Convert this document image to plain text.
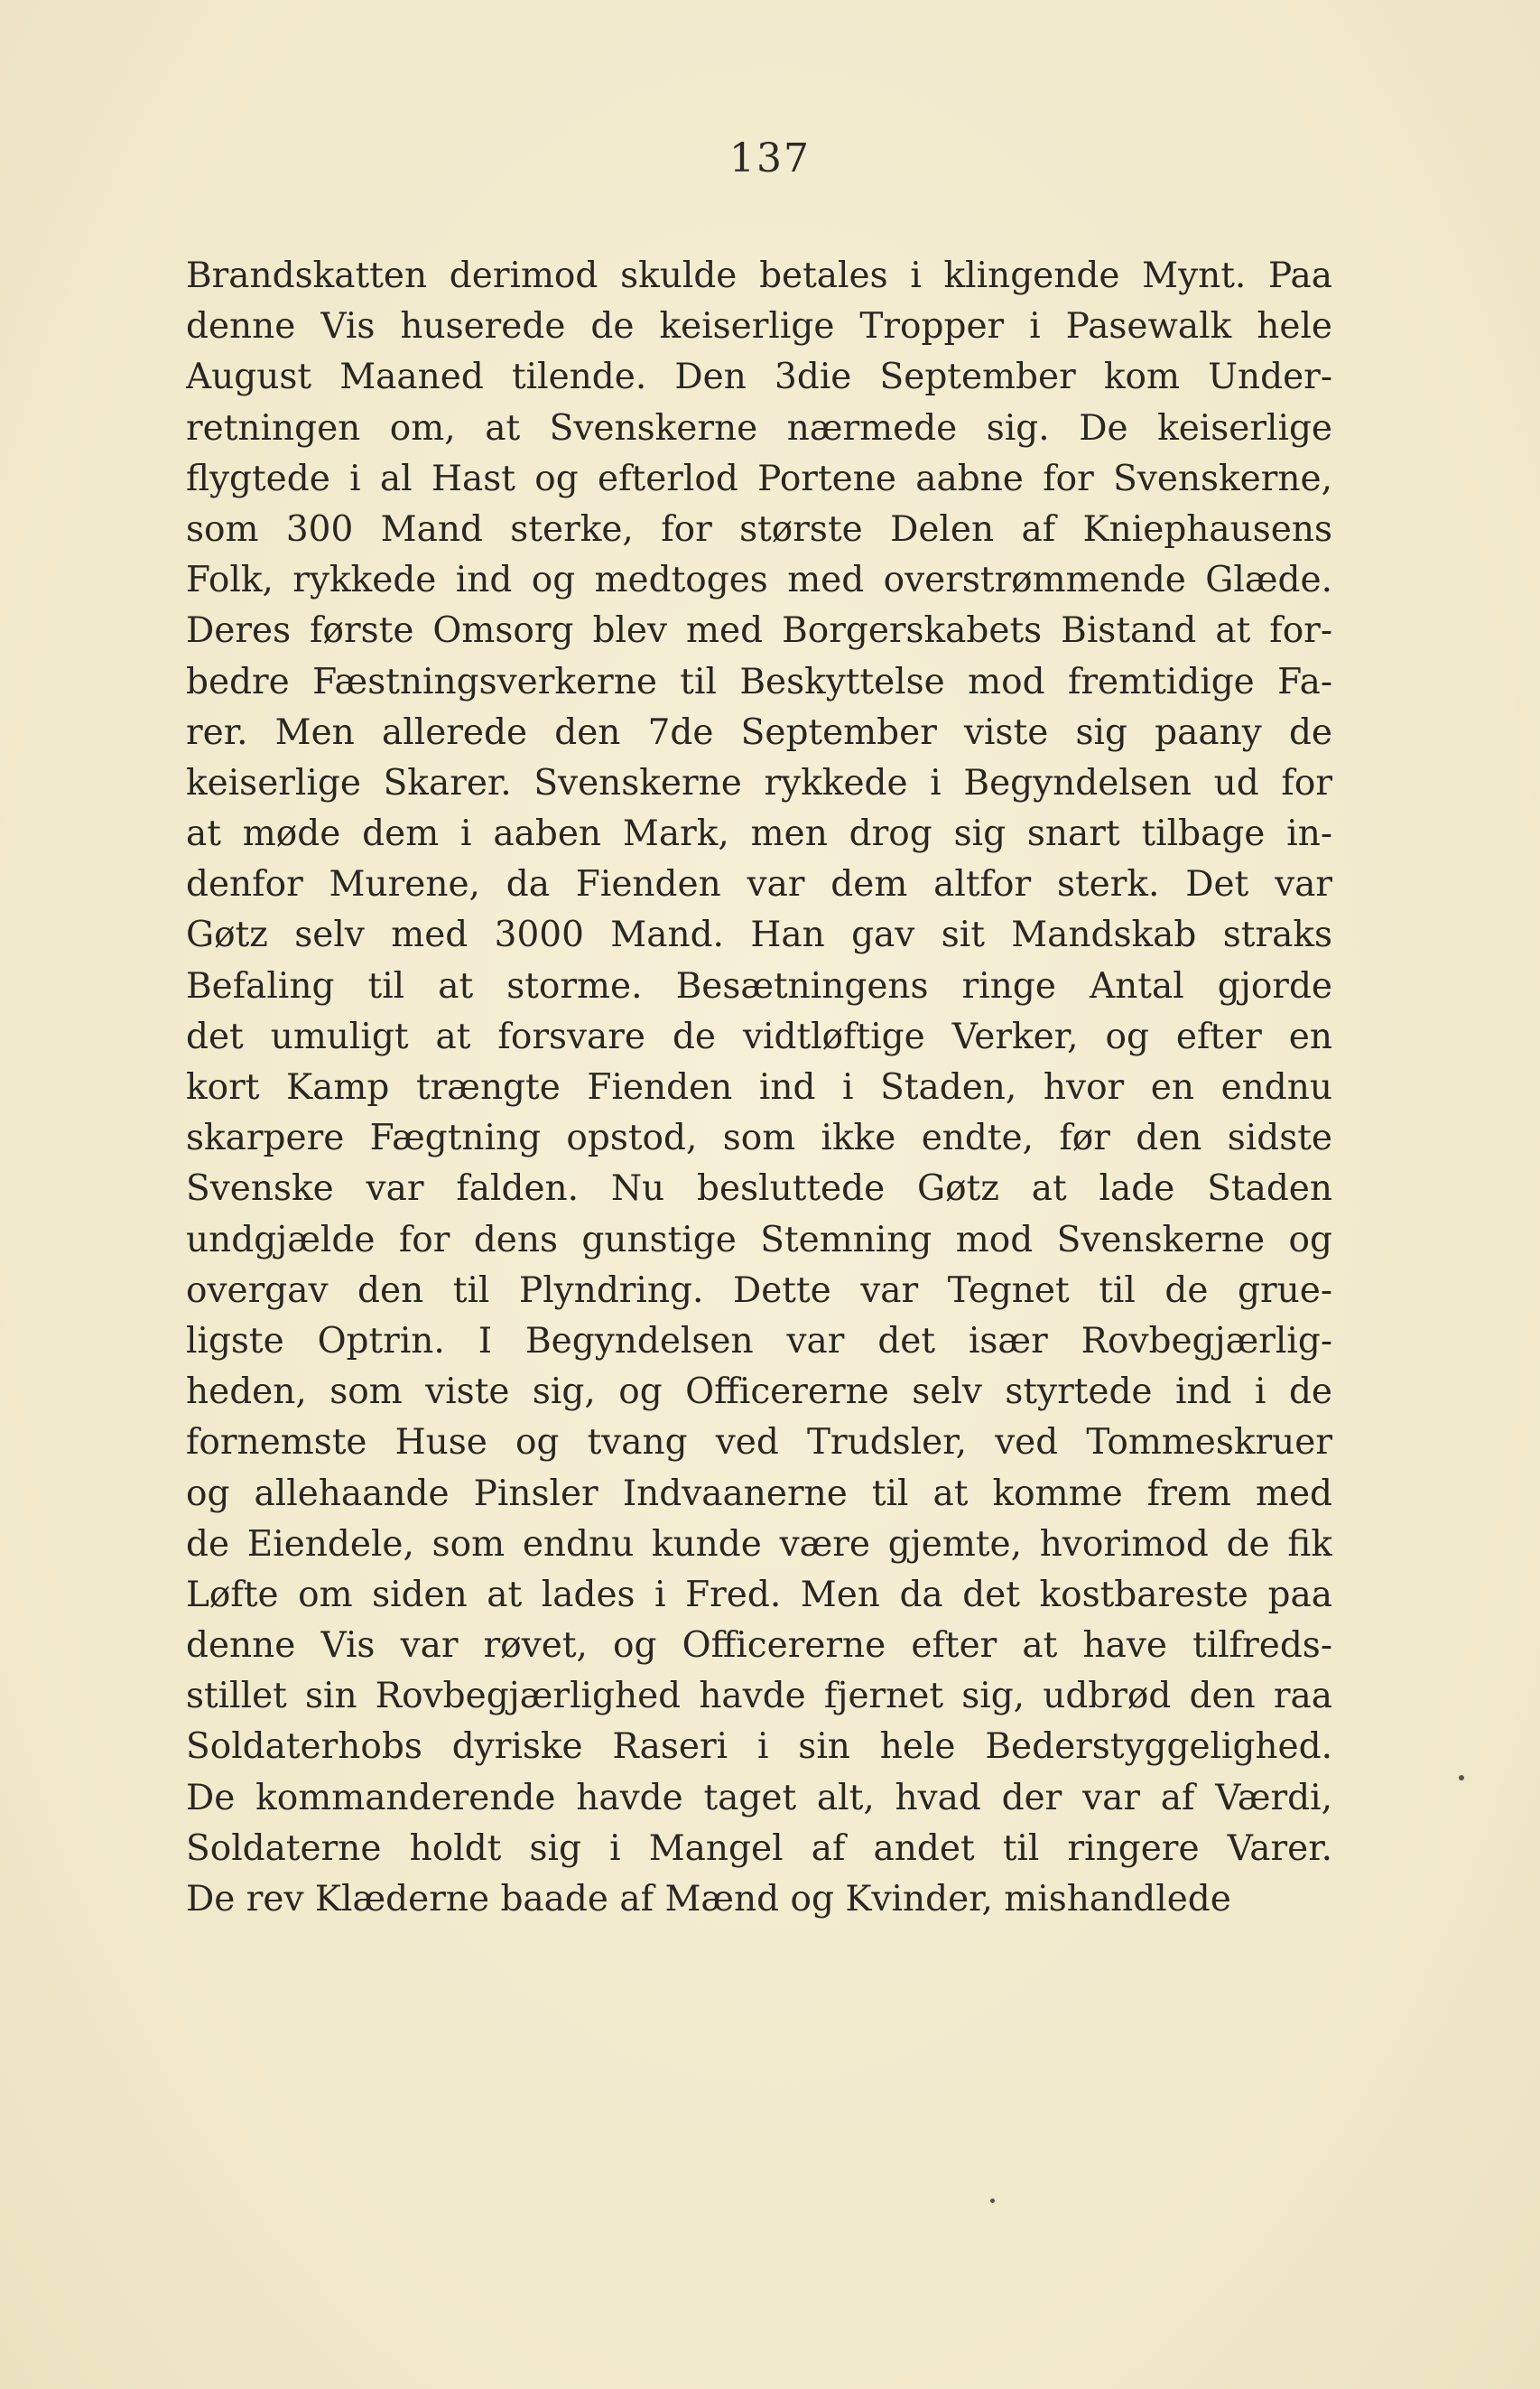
137
Brandskatten derimod skulde betales i klingende Mynt. Paa
denne Vis huserede de keiserlige Tropper i Pasewalk hele
August Maaned tilende. Den 3die September kom Under-
retningen om, at Svenskerne nærmede sig. De keiserlige
flygtede i al Hast og efterlod Portene aabne for Svenskerne,
som 300 Mand sterke, for største Delen af Kniephausens
Folk, rykkede ind og medtoges med overstrømmende Glæde.
Deres første Omsorg blev med Borgerskabets Bistand at for-
bedre Fæstningsverkerne til Beskyttelse mod fremtidige Fa-
rer. Men allerede den 7de September viste sig paany de
keiserlige Skarer. Svenskerne rykkede i Begyndelsen ud for
at møde dem i aaben Mark, men drog sig snart tilbage in-
denfor Murene, da Fienden var dem altfor sterk. Det var
Gøtz selv med 3000 Mand. Han gav sit Mandskab straks
Befaling til at storme. Besætningens ringe Antal gjorde
det umuligt at forsvare de vidtløftige Verker, og efter en
kort Kamp trængte Fienden ind i Staden, hvor en endnu
skarpere Fægtning opstod, som ikke endte, før den sidste
Svenske var falden. Nu besluttede Gøtz at lade Staden
undgjælde for dens gunstige Stemning mod Svenskerne og
overgav den til Plyndring. Dette var Tegnet til de grue-
ligste Optrin. I Begyndelsen var det især Rovbegjærlig-
heden, som viste sig, og Officererne selv styrtede ind i de
fornemste Huse og tvang ved Trudsler, ved Tommeskruer
og allehaande Pinsler Indvaanerne til at komme frem med
de Eiendele, som endnu kunde være gjemte, hvorimod de fik
Løfte om siden at lades i Fred. Men da det kostbareste paa
denne Vis var røvet, og Officererne efter at have tilfreds-
stillet sin Rovbegjærlighed havde fjernet sig, udbrød den raa
Soldaterhobs dyriske Raseri i sin hele Bederstyggelighed.
De kommanderende havde taget alt, hvad der var af Værdi,
Soldaterne holdt sig i Mangel af andet til ringere Varer.
De rev Klæderne baade af Mænd og Kvinder, mishandlede
